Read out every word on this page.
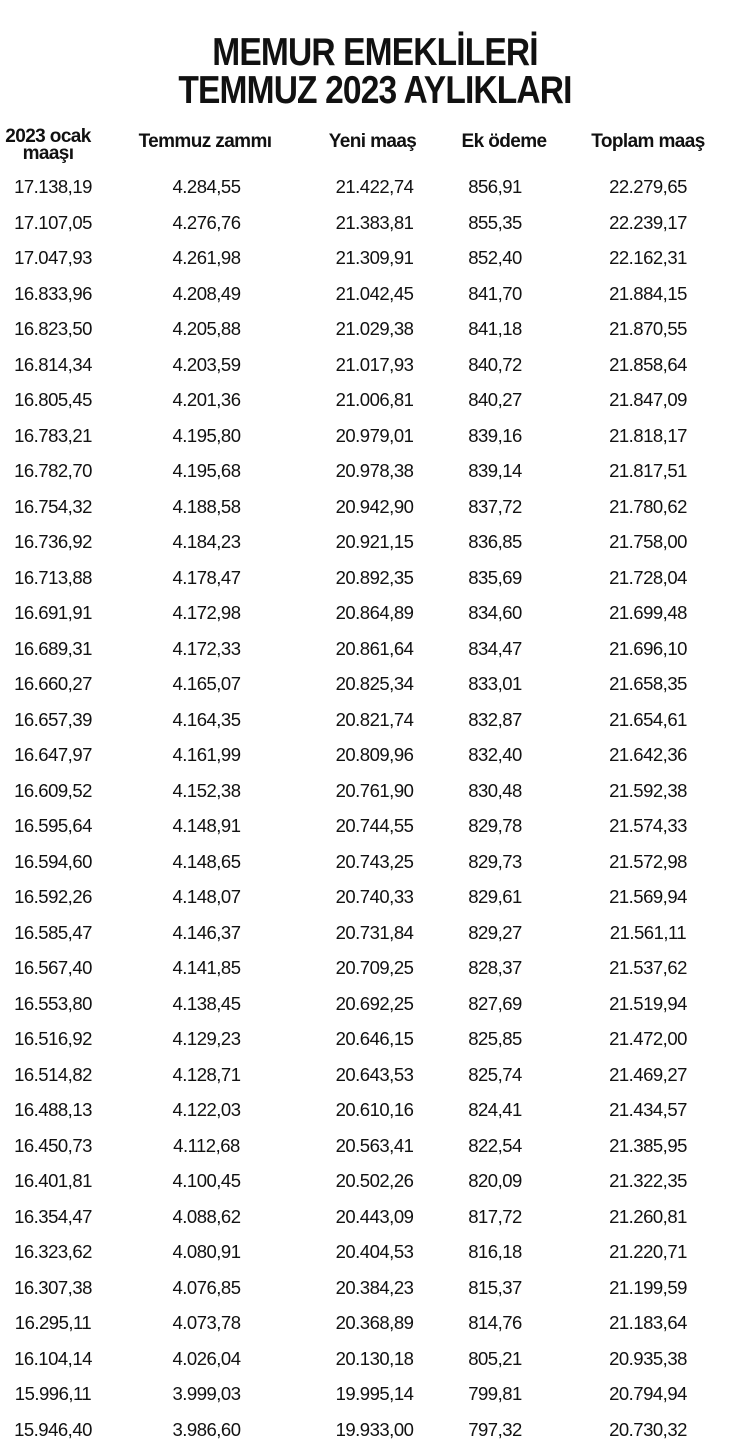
MEMUR EMEKLİLERİ
TEMMUZ 2023 AYLIKLARI
2023 ocak
maaşı
Temmuz zammı	Yeni maaş	Ek ödeme	Toplam maaş
17.138,19	4.284,55	21.422,74	856,91	22.279,65
17.107,05	4.276,76	21.383,81	855,35	22.239,17
17.047,93	4.261,98	21.309,91	852,40	22.162,31
16.833,96	4.208,49	21.042,45	841,70	21.884,15
16.823,50	4.205,88	21.029,38	841,18	21.870,55
16.814,34	4.203,59	21.017,93	840,72	21.858,64
16.805,45	4.201,36	21.006,81	840,27	21.847,09
16.783,21	4.195,80	20.979,01	839,16	21.818,17
16.782,70	4.195,68	20.978,38	839,14	21.817,51
16.754,32	4.188,58	20.942,90	837,72	21.780,62
16.736,92	4.184,23	20.921,15	836,85	21.758,00
16.713,88	4.178,47	20.892,35	835,69	21.728,04
16.691,91	4.172,98	20.864,89	834,60	21.699,48
16.689,31	4.172,33	20.861,64	834,47	21.696,10
16.660,27	4.165,07	20.825,34	833,01	21.658,35
16.657,39	4.164,35	20.821,74	832,87	21.654,61
16.647,97	4.161,99	20.809,96	832,40	21.642,36
16.609,52	4.152,38	20.761,90	830,48	21.592,38
16.595,64	4.148,91	20.744,55	829,78	21.574,33
16.594,60	4.148,65	20.743,25	829,73	21.572,98
16.592,26	4.148,07	20.740,33	829,61	21.569,94
16.585,47	4.146,37	20.731,84	829,27	21.561,11
16.567,40	4.141,85	20.709,25	828,37	21.537,62
16.553,80	4.138,45	20.692,25	827,69	21.519,94
16.516,92	4.129,23	20.646,15	825,85	21.472,00
16.514,82	4.128,71	20.643,53	825,74	21.469,27
16.488,13	4.122,03	20.610,16	824,41	21.434,57
16.450,73	4.112,68	20.563,41	822,54	21.385,95
16.401,81	4.100,45	20.502,26	820,09	21.322,35
16.354,47	4.088,62	20.443,09	817,72	21.260,81
16.323,62	4.080,91	20.404,53	816,18	21.220,71
16.307,38	4.076,85	20.384,23	815,37	21.199,59
16.295,11	4.073,78	20.368,89	814,76	21.183,64
16.104,14	4.026,04	20.130,18	805,21	20.935,38
15.996,11	3.999,03	19.995,14	799,81	20.794,94
15.946,40	3.986,60	19.933,00	797,32	20.730,32
